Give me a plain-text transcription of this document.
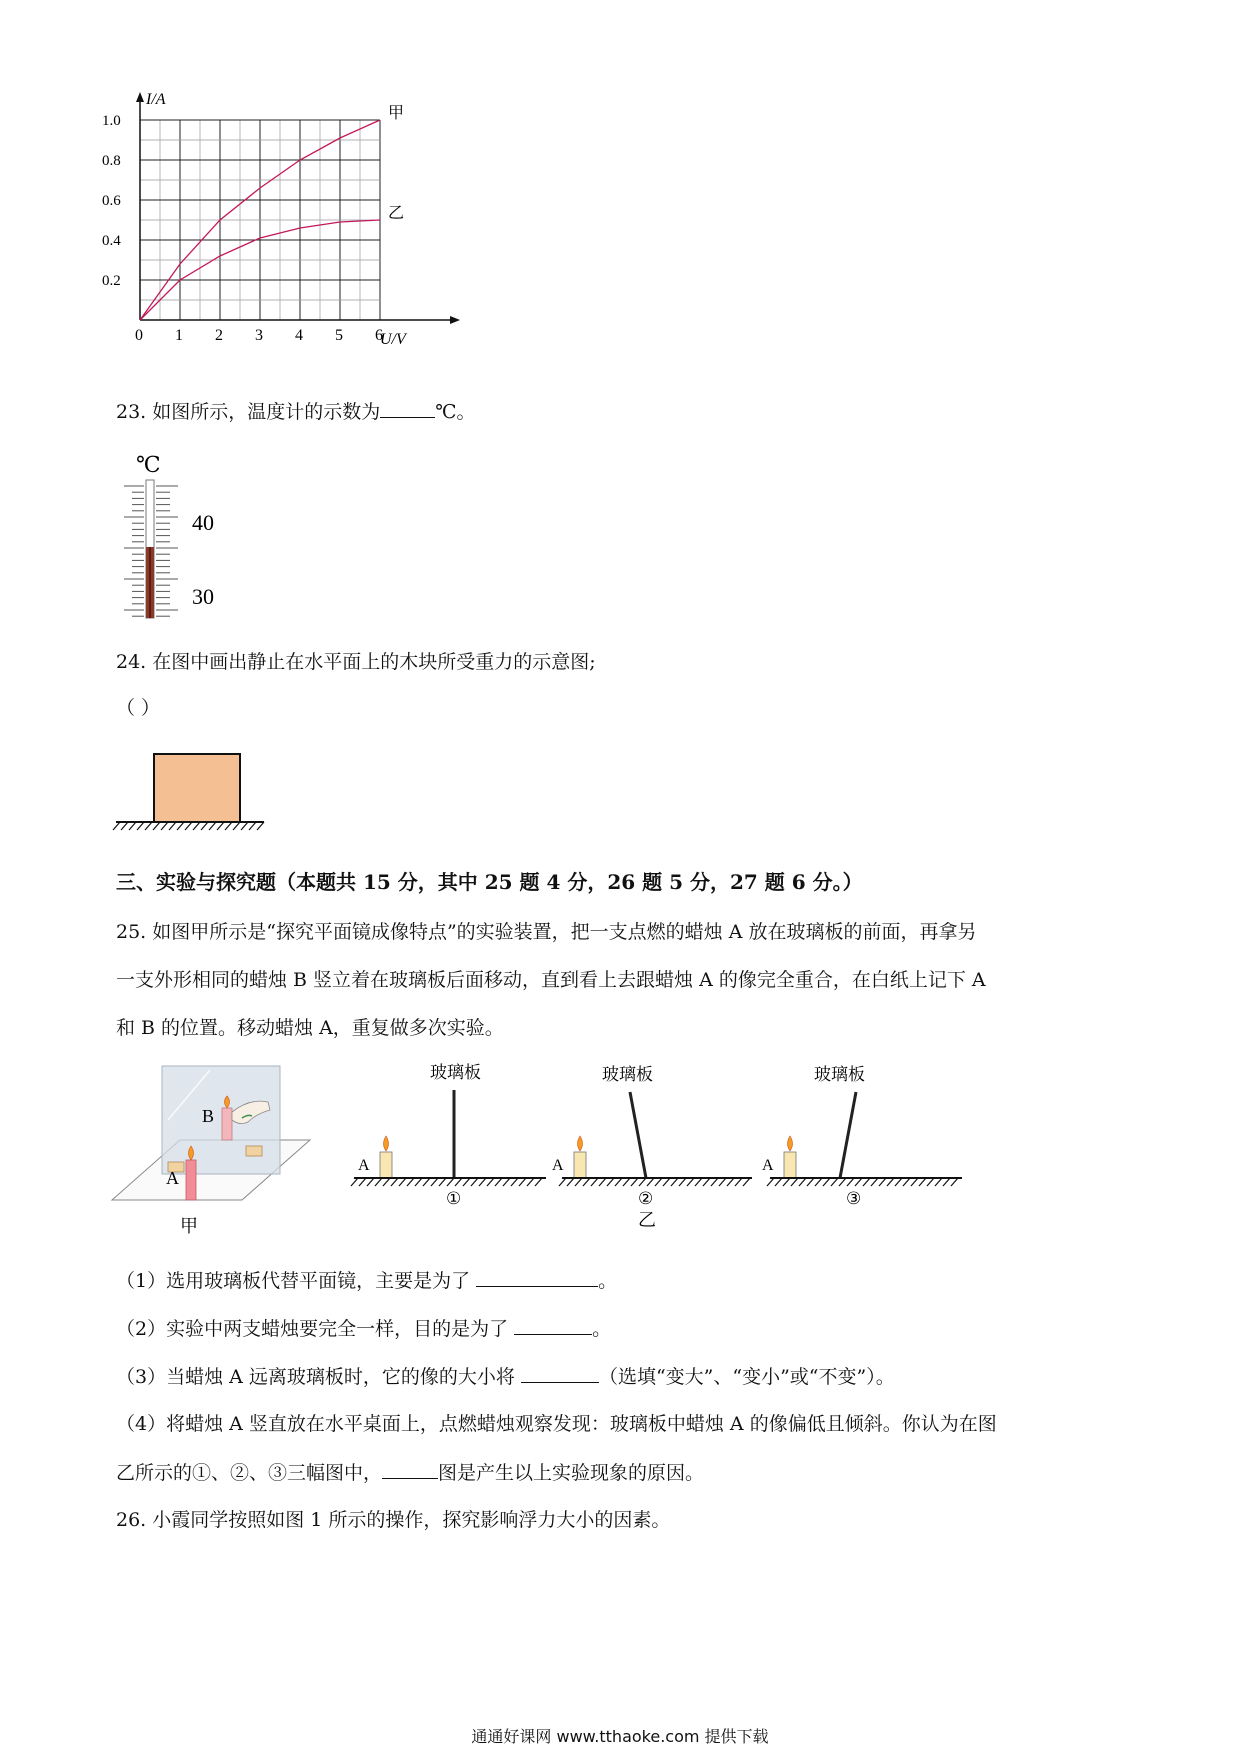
0 1 2 3 4 5 6
0.2
0.4
0.6
0.8
1.0	甲
乙
I/A
U/V
23. 如图所示，温度计的示数为	℃。
℃
40
30
24. 在图中画出静止在水平面上的木块所受重力的示意图;
（ ）
三、实验与探究题（本题共 15 分，其中 25 题 4 分，26 题 5 分，27 题 6 分。）
25. 如图甲所示是“探究平面镜成像特点”的实验装置，把一支点燃的蜡烛 A 放在玻璃板的前面，再拿另
一支外形相同的蜡烛 B 竖立着在玻璃板后面移动，直到看上去跟蜡烛 A 的像完全重合，在白纸上记下 A
和 B 的位置。移动蜡烛 A，重复做多次实验。
B
A
甲
玻璃板
A
①
玻璃板
A
②
乙
玻璃板
A
③
（1）选用玻璃板代替平面镜，主要是为了	。
（2）实验中两支蜡烛要完全一样，目的是为了	。
（3）当蜡烛 A 远离玻璃板时，它的像的大小将	（选填“变大”、“变小”或“不变”）。
（4）将蜡烛 A 竖直放在水平桌面上，点燃蜡烛观察发现：玻璃板中蜡烛 A 的像偏低且倾斜。你认为在图
乙所示的①、②、③三幅图中，	图是产生以上实验现象的原因。
26. 小霞同学按照如图 1 所示的操作，探究影响浮力大小的因素。
通通好课网 www.tthaoke.com 提供下载
